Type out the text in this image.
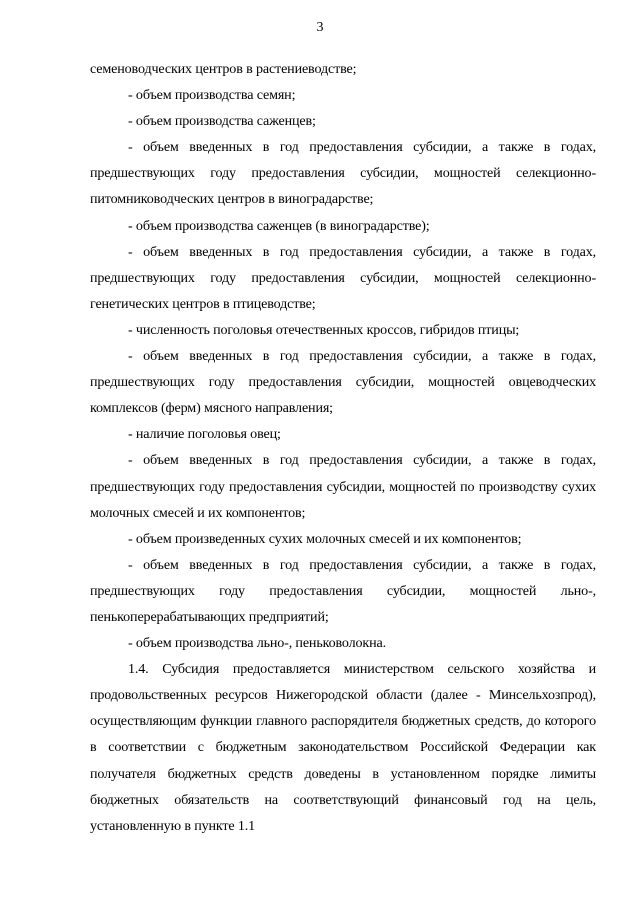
3

семеноводческих центров в растениеводстве;

- объем производства семян;

- объем производства саженцев;

- объем введенных в год предоставления субсидии, а также в годах, предшествующих году предоставления субсидии, мощностей селекционно-питомниководческих центров в виноградарстве;

- объем производства саженцев (в виноградарстве);

- объем введенных в год предоставления субсидии, а также в годах, предшествующих году предоставления субсидии, мощностей селекционно-генетических центров в птицеводстве;

- численность поголовья отечественных кроссов, гибридов птицы;

- объем введенных в год предоставления субсидии, а также в годах, предшествующих году предоставления субсидии, мощностей овцеводческих комплексов (ферм) мясного направления;

- наличие поголовья овец;

- объем введенных в год предоставления субсидии, а также в годах, предшествующих году предоставления субсидии, мощностей по производству сухих молочных смесей и их компонентов;

- объем произведенных сухих молочных смесей и их компонентов;

- объем введенных в год предоставления субсидии, а также в годах, предшествующих году предоставления субсидии, мощностей льно-, пенькоперерабатывающих предприятий;

- объем производства льно-, пеньковолокна.

1.4. Субсидия предоставляется министерством сельского хозяйства и продовольственных ресурсов Нижегородской области (далее - Минсельхозпрод), осуществляющим функции главного распорядителя бюджетных средств, до которого в соответствии с бюджетным законодательством Российской Федерации как получателя бюджетных средств доведены в установленном порядке лимиты бюджетных обязательств на соответствующий финансовый год на цель, установленную в пункте 1.1
